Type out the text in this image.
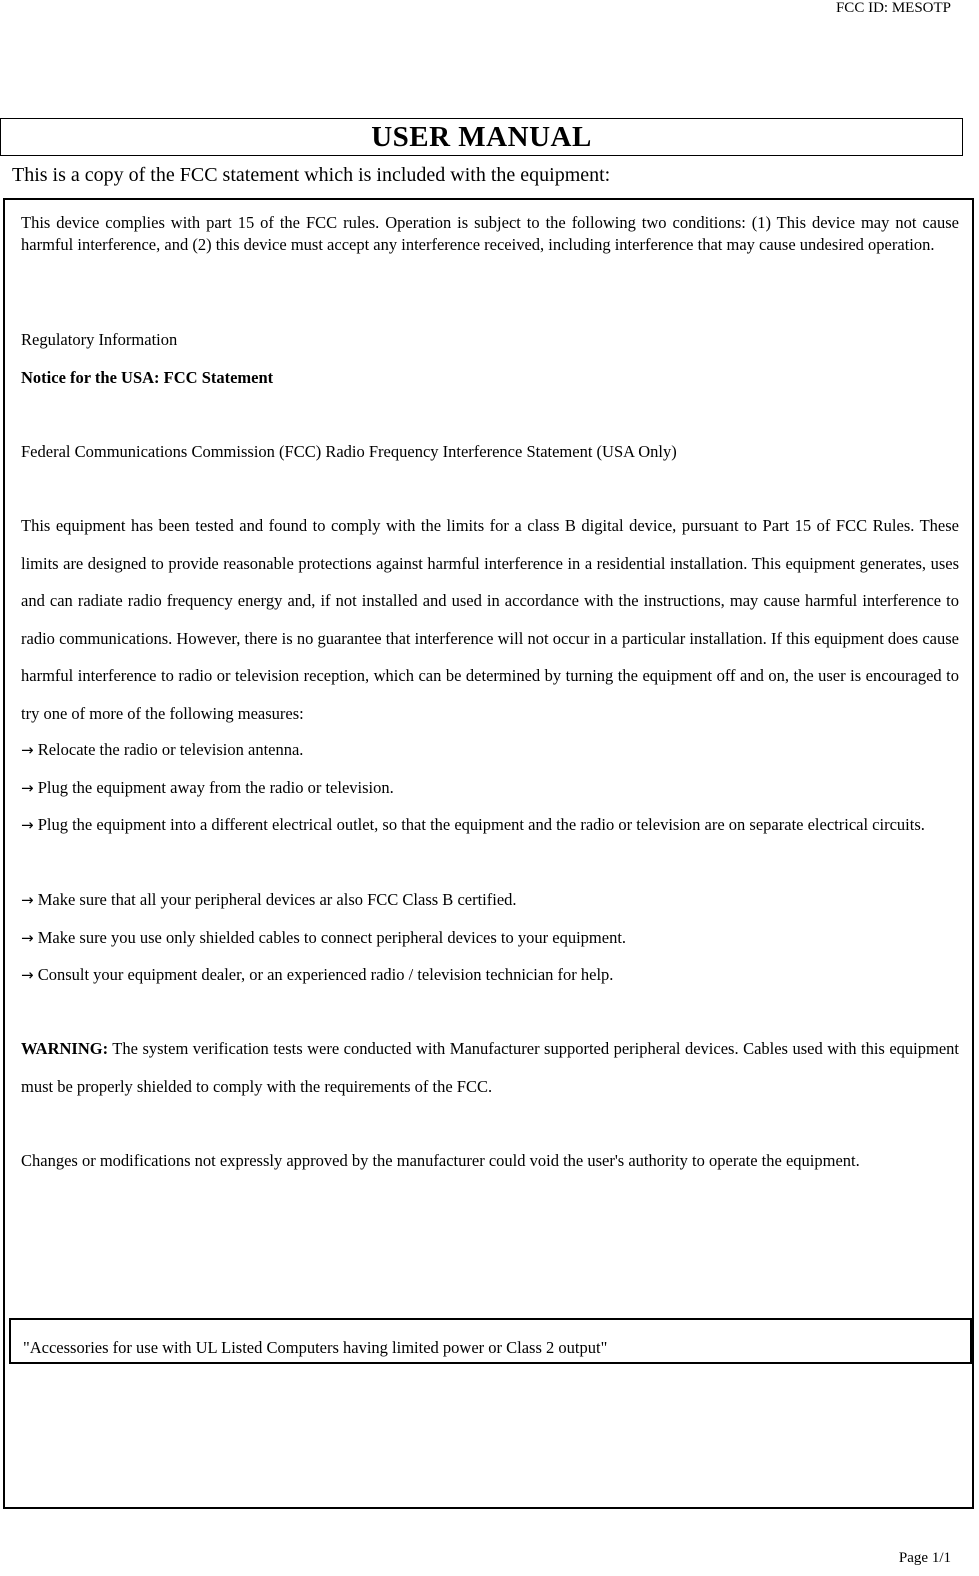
FCC ID: MESOTP
USER MANUAL
This is a copy of the FCC statement which is included with the equipment:

This device complies with part 15 of the FCC rules. Operation is subject to the following two conditions: (1) This device may not cause harmful interference, and (2) this device must accept any interference received, including interference that may cause undesired operation.

Regulatory Information

Notice for the USA: FCC Statement

Federal Communications Commission (FCC) Radio Frequency Interference Statement (USA Only)

This equipment has been tested and found to comply with the limits for a class B digital device, pursuant to Part 15 of FCC Rules. These limits are designed to provide reasonable protections against harmful interference in a residential installation. This equipment generates, uses and can radiate radio frequency energy and, if not installed and used in accordance with the instructions, may cause harmful interference to radio communications. However, there is no guarantee that interference will not occur in a particular installation. If this equipment does cause harmful interference to radio or television reception, which can be determined by turning the equipment off and on, the user is encouraged to try one of more of the following measures:

→ Relocate the radio or television antenna.

→ Plug the equipment away from the radio or television.

→ Plug the equipment into a different electrical outlet, so that the equipment and the radio or television are on separate electrical circuits.

→ Make sure that all your peripheral devices ar also FCC Class B certified.

→ Make sure you use only shielded cables to connect peripheral devices to your equipment.

→ Consult your equipment dealer, or an experienced radio / television technician for help.

WARNING: The system verification tests were conducted with Manufacturer supported peripheral devices. Cables used with this equipment must be properly shielded to comply with the requirements of the FCC.

Changes or modifications not expressly approved by the manufacturer could void the user's authority to operate the equipment.

"Accessories for use with UL Listed Computers having limited power or Class 2 output"
Page 1/1
